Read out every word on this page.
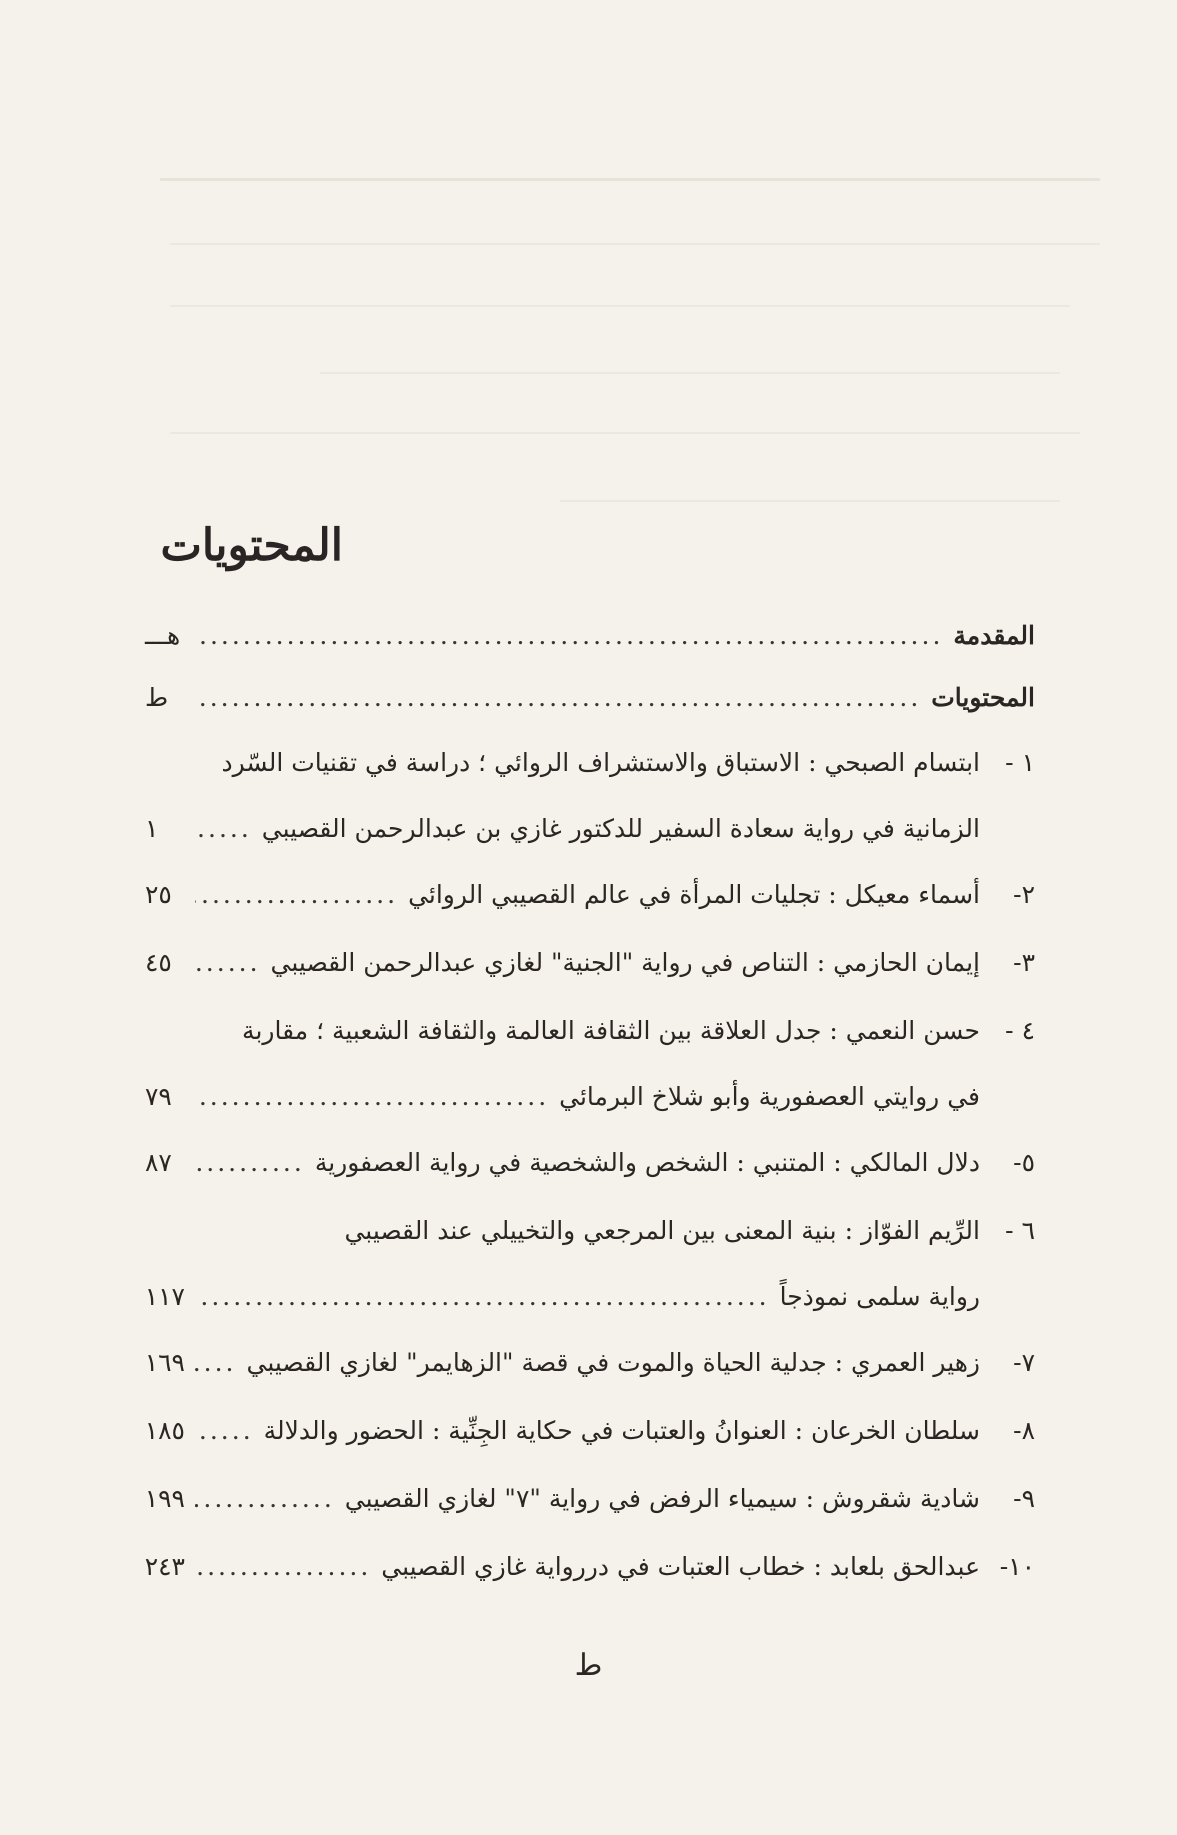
المحتويات
المقدمة
.....
هـــ
المحتويات
.....
ط
١ -
ابتسام الصبحي : الاستباق والاستشراف الروائي ؛ دراسة في تقنيات السّرد
الزمانية في رواية سعادة السفير للدكتور غازي بن عبدالرحمن القصيبي
.....
١
٢-
أسماء معيكل : تجليات المرأة في عالم القصيبي الروائي
.....
٢٥
٣-
إيمان الحازمي : التناص في رواية "الجنية" لغازي عبدالرحمن القصيبي
.....
٤٥
٤ -
حسن النعمي : جدل العلاقة بين الثقافة العالمة والثقافة الشعبية ؛ مقاربة
في روايتي العصفورية وأبو شلاخ البرمائي
.....
٧٩
٥-
دلال المالكي : المتنبي : الشخص والشخصية في رواية العصفورية
.....
٨٧
٦ -
الرِّيم الفوّاز : بنية المعنى بين المرجعي والتخييلي عند القصيبي
رواية سلمى نموذجاً
.....
١١٧
٧-
زهير العمري : جدلية الحياة والموت في قصة "الزهايمر" لغازي القصيبي
.....
١٦٩
٨-
سلطان الخرعان : العنوانُ والعتبات في حكاية الجِنِّية : الحضور والدلالة
.....
١٨٥
٩-
شادية شقروش : سيمياء الرفض في رواية "٧" لغازي القصيبي
.....
١٩٩
١٠-
عبدالحق بلعابد : خطاب العتبات في دررواية غازي القصيبي
.....
٢٤٣
ط
